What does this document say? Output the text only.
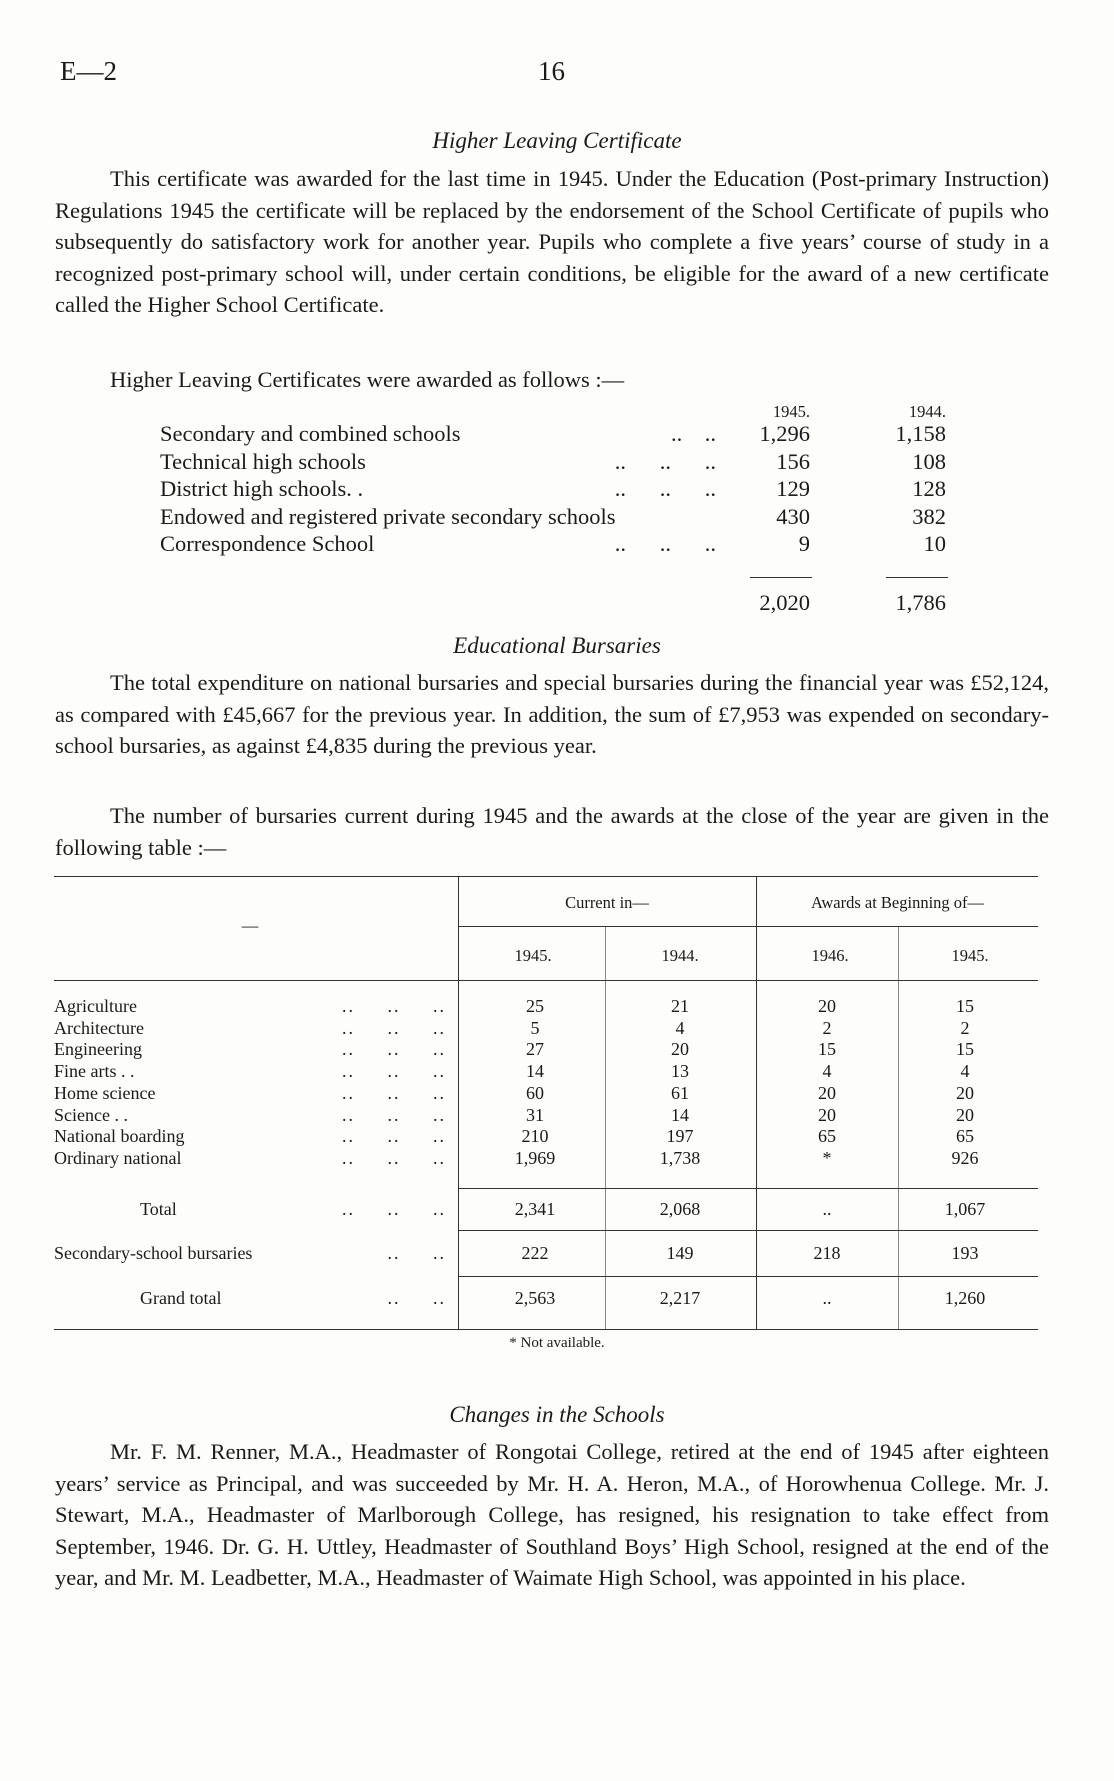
E—2	16
Higher Leaving Certificate
This certificate was awarded for the last time in 1945. Under the Education (Post-primary Instruction) Regulations 1945 the certificate will be replaced by the endorsement of the School Certificate of pupils who subsequently do satisfactory work for another year. Pupils who complete a five years’ course of study in a recognized post-primary school will, under certain conditions, be eligible for the award of a new certificate called the Higher School Certificate.
Higher Leaving Certificates were awarded as follows :—
1945.	1944.
Secondary and combined schools	..    ..	1,296	1,158
Technical high schools	..      ..      ..	156	108
District high schools. .	..      ..      ..	129	128
Endowed and registered private secondary schools	430	382
Correspondence School	..      ..      ..	9	10
2,020	1,786
Educational Bursaries
The total expenditure on national bursaries and special bursaries during the financial year was £52,124, as compared with £45,667 for the previous year. In addition, the sum of £7,953 was expended on secondary-school bursaries, as against £4,835 during the previous year.
The number of bursaries current during 1945 and the awards at the close of the year are given in the following table :—
—
Current in—	Awards at Beginning of—
1945.	1944.	1946.	1945.
Agriculture	..     ..     ..	25	21	20	15
Architecture	..     ..     ..	5	4	2	2
Engineering	..     ..     ..	27	20	15	15
Fine arts . .	..     ..     ..	14	13	4	4
Home science	..     ..     ..	60	61	20	20
Science . .	..     ..     ..	31	14	20	20
National boarding	..     ..     ..	210	197	65	65
Ordinary national	..     ..     ..	1,969	1,738	*	926
Total	..     ..     ..	2,341	2,068	..	1,067
Secondary-school bursaries	..     ..	222	149	218	193
Grand total	..     ..	2,563	2,217	..	1,260
* Not available.
Changes in the Schools
Mr. F. M. Renner, M.A., Headmaster of Rongotai College, retired at the end of 1945 after eighteen years’ service as Principal, and was succeeded by Mr. H. A. Heron, M.A., of Horowhenua College. Mr. J. Stewart, M.A., Headmaster of Marlborough College, has resigned, his resignation to take effect from September, 1946. Dr. G. H. Uttley, Headmaster of Southland Boys’ High School, resigned at the end of the year, and Mr. M. Leadbetter, M.A., Headmaster of Waimate High School, was appointed in his place.
